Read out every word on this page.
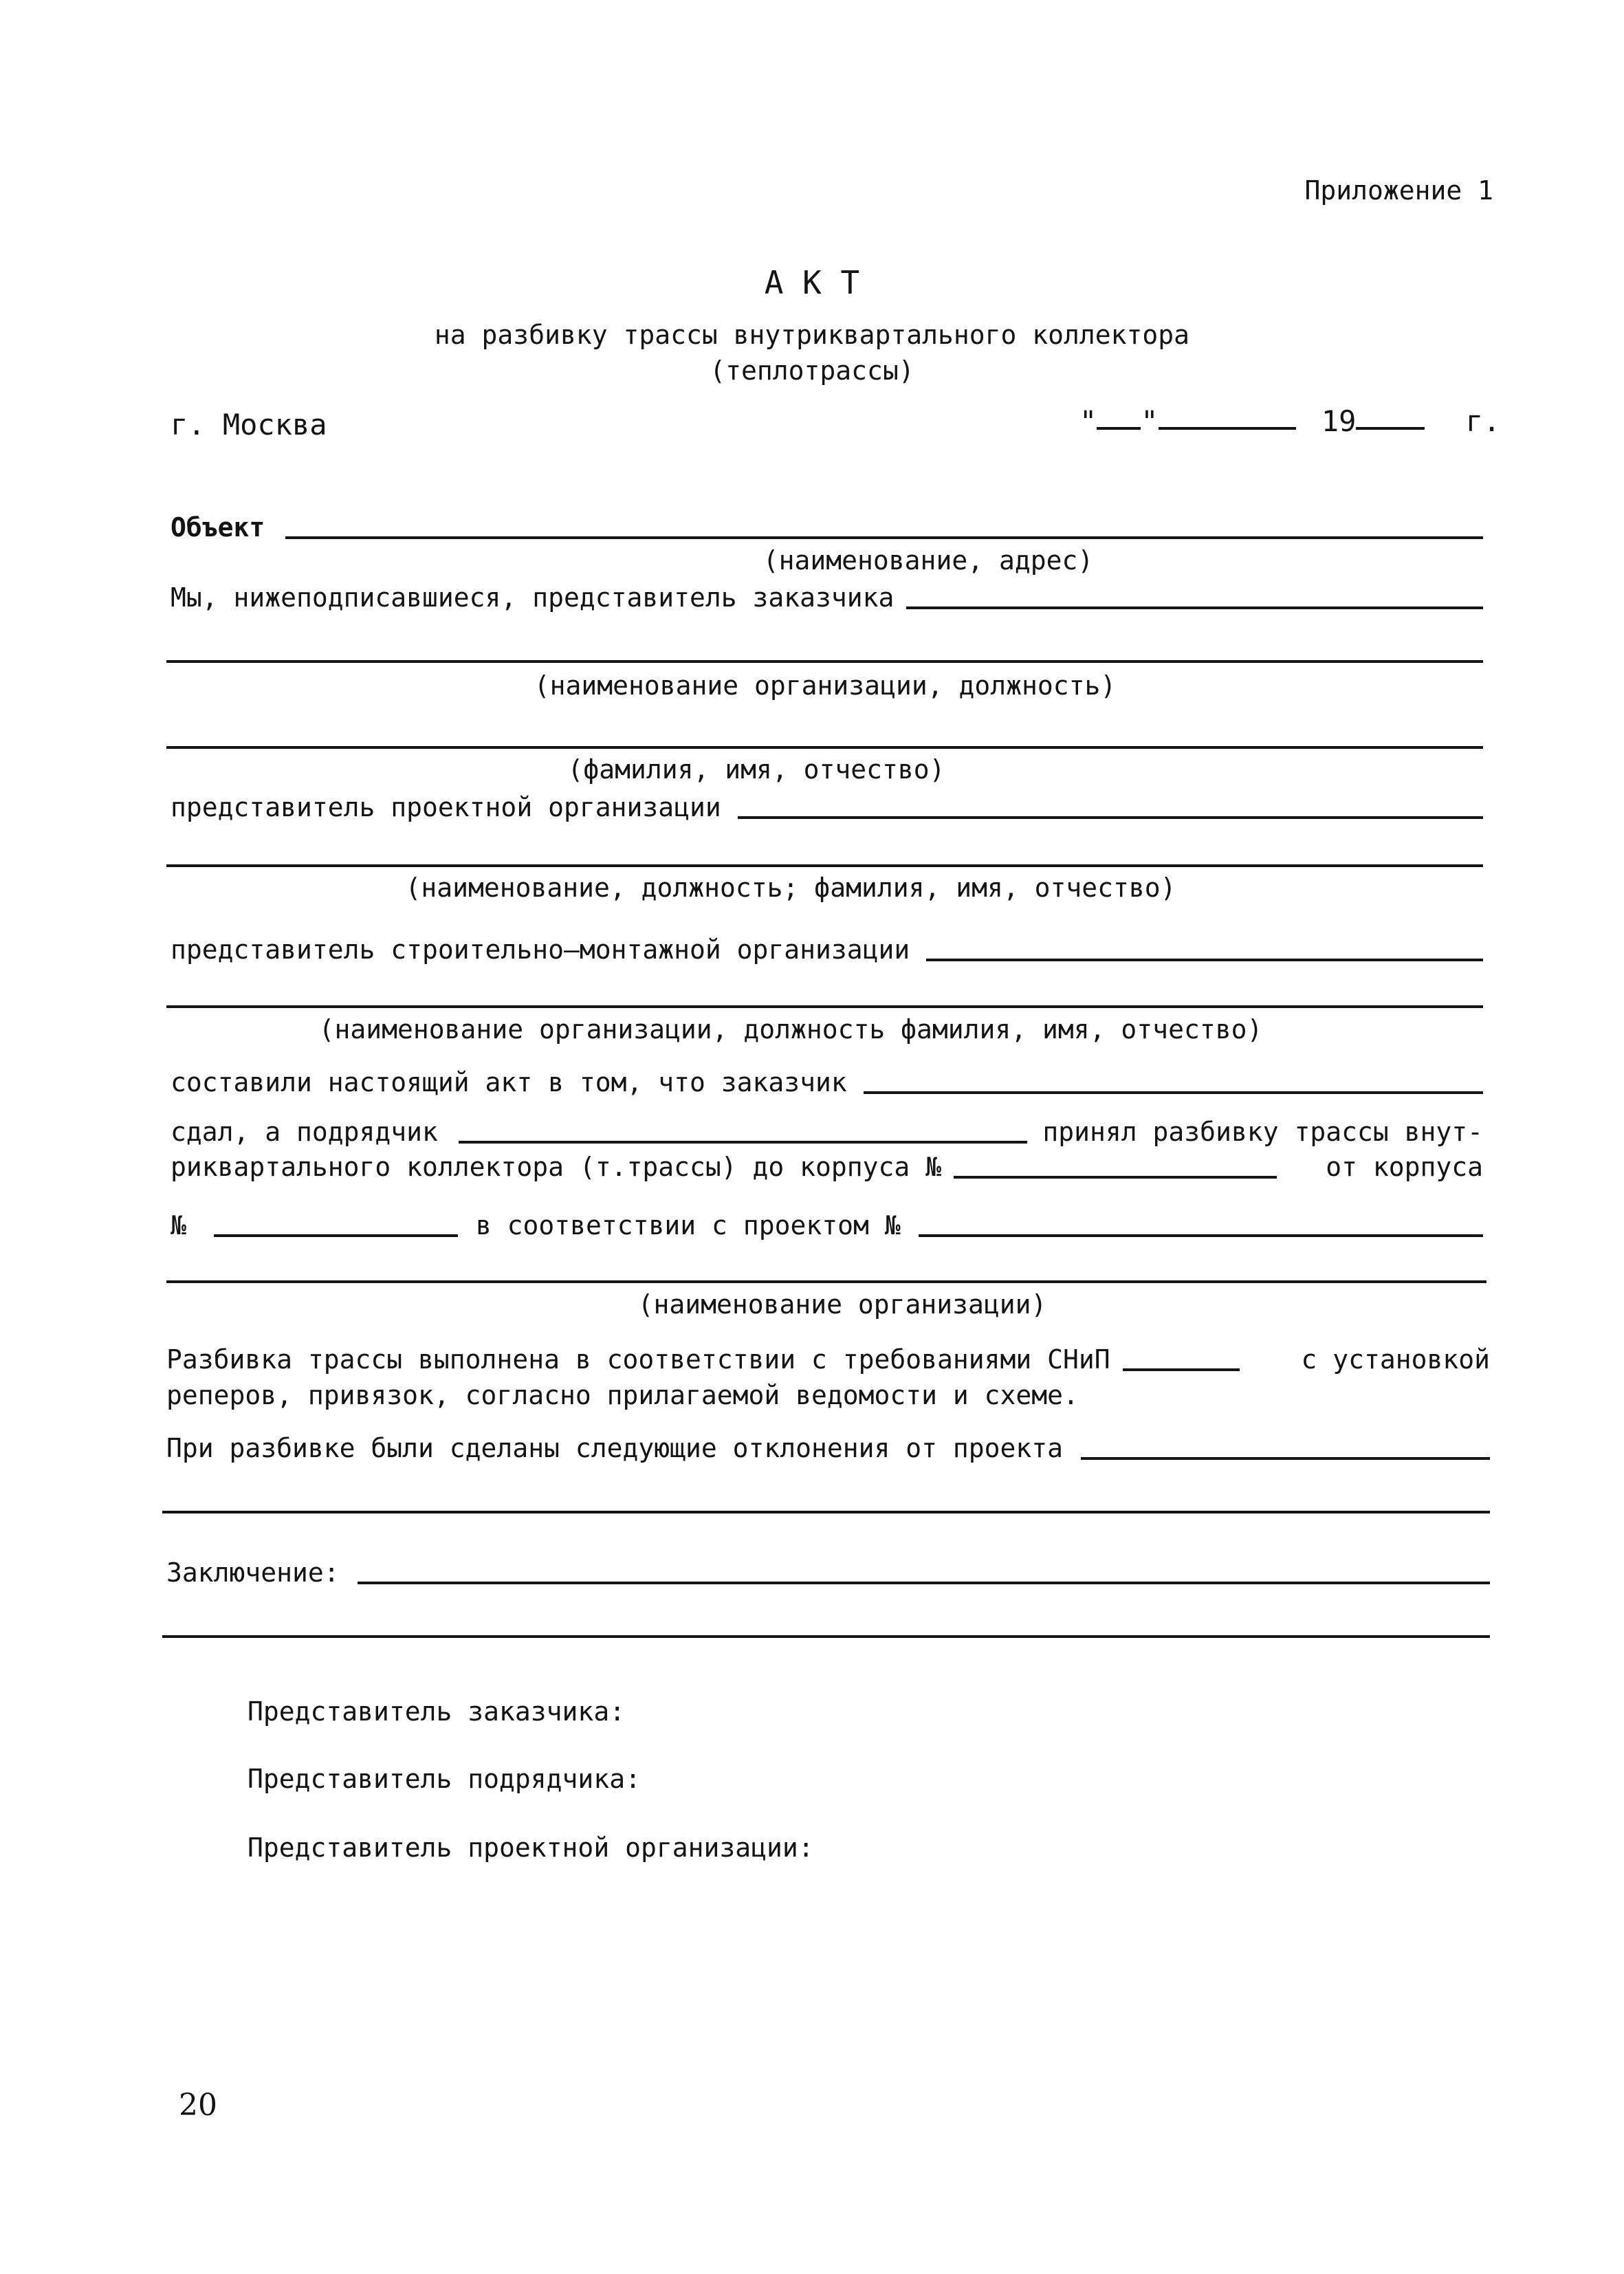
Приложение 1
А К Т
на разбивку трассы внутриквартального коллектора
(теплотрассы)
г. Москва	" "	19	г.
Объект
(наименование, адрес)
Мы, нижеподписавшиеся, представитель заказчика
(наименование организации, должность)
(фамилия, имя, отчество)
представитель проектной организации
(наименование, должность; фамилия, имя, отчество)
представитель строительно–монтажной организации
(наименование организации, должность фамилия, имя, отчество)
составили настоящий акт в том, что заказчик
сдал, а подрядчик	принял разбивку трассы внут-
риквартального коллектора (т.трассы) до корпуса №	от корпуса
№	в соответствии с проектом №
(наименование организации)
Разбивка трассы выполнена в соответствии с требованиями СНиП	с установкой
реперов, привязок, согласно прилагаемой ведомости и схеме.
При разбивке были сделаны следующие отклонения от проекта
Заключение:
Представитель заказчика:
Представитель подрядчика:
Представитель проектной организации:
20
